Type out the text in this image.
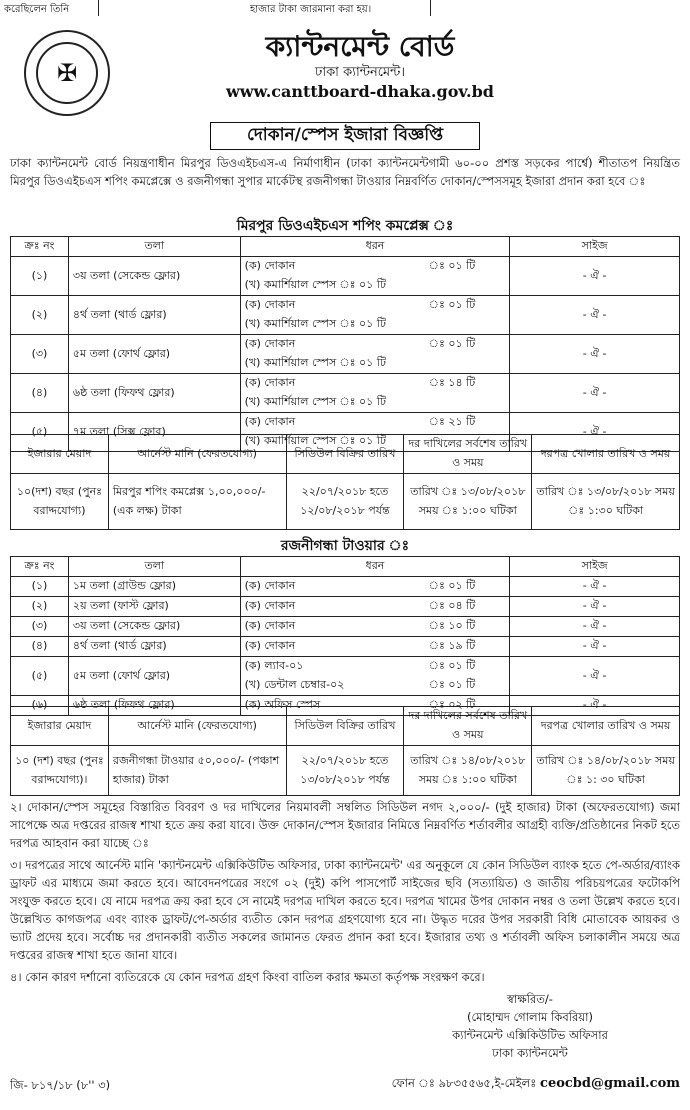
করেছিলেন তিনি	হাজার টাকা জারমানা করা হয়।
✠
ক্যান্টনমেন্ট বোর্ড
ঢাকা ক্যান্টনমেন্ট।
www.canttboard-dhaka.gov.bd
দোকান/স্পেস ইজারা বিজ্ঞপ্তি
ঢাকা ক্যান্টনমেন্ট বোর্ড নিয়ন্ত্রণাধীন মিরপুর ডিওএইচএস-এ নির্মাণাধীন (ঢাকা ক্যান্টনমেন্টগামী ৬০-০০ প্রশস্ত সড়কের পার্শ্বে) শীতাতপ নিয়ন্ত্রিত মিরপুর ডিওএইচএস শপিং কমপ্লেক্সে ও রজনীগন্ধা সুপার মার্কেটস্থ রজনীগন্ধা টাওয়ার নিম্নবর্ণিত দোকান/স্পেসসমূহ ইজারা প্রদান করা হবে ঃ
মিরপুর ডিওএইচএস শপিং কমপ্লেক্স ঃ
ক্রঃ নং	তলা	ধরন	সাইজ
(১)	৩য় তলা (সেকেন্ড ফ্লোর)	(ক) দোকান ঃ ০১ টি
(খ) কমার্শিয়াল স্পেস ঃ ০১ টি	- ঐ -
(২)	৪র্থ তলা (থার্ড ফ্লোর)	(ক) দোকান ঃ ০১ টি
(খ) কমার্শিয়াল স্পেস ঃ ০১ টি	- ঐ -
(৩)	৫ম তলা (ফোর্থ ফ্লোর)	(ক) দোকান ঃ ০১ টি
(খ) কমার্শিয়াল স্পেস ঃ ০১ টি	- ঐ -
(৪)	৬ষ্ঠ তলা (ফিফথ ফ্লোর)	(ক) দোকান ঃ ১৪ টি
(খ) কমার্শিয়াল স্পেস ঃ ০১ টি	- ঐ -
(৫)	৭ম তলা (সিক্স ফ্লোর)	(ক) দোকান ঃ ২১ টি
(খ) কমার্শিয়াল স্পেস ঃ ০১ টি	- ঐ -
ইজারার মেয়াদ	আর্নেস্ট মানি (ফেরতযোগ্য)	সিডিউল বিক্রির তারিখ	দর দাখিলের সর্বশেষ তারিখ ও সময়	দরপত্র খোলার তারিখ ও সময়
১০(দশ) বছর (পুনঃ বরাদ্দযোগ্য)	মিরপুর শপিং কমপ্লেক্স ১,০০,০০০/- (এক লক্ষ) টাকা	২২/০৭/২০১৮ হতে ১২/০৮/২০১৮ পর্যন্ত	তারিখ ঃ ১৩/০৮/২০১৮ সময় ঃ ১:০০ ঘটিকা	তারিখ ঃ ১৩/০৮/২০১৮ সময় ঃ ১:৩০ ঘটিকা
রজনীগন্ধা টাওয়ার ঃ
ক্রঃ নং	তলা	ধরন	সাইজ
(১)	১ম তলা (গ্রাউন্ড ফ্লোর)	(ক) দোকান ঃ ০১ টি	- ঐ -
(২)	২য় তলা (ফাস্ট ফ্লোর)	(ক) দোকান ঃ ০৪ টি	- ঐ -
(৩)	৩য় তলা (সেকেন্ড ফ্লোর)	(ক) দোকান ঃ ১০ টি	- ঐ -
(৪)	৪র্থ তলা (থার্ড ফ্লোর)	(ক) দোকান ঃ ১৯ টি	- ঐ -
(৫)	৫ম তলা (ফোর্থ ফ্লোর)	(ক) ল্যাব-০১ ঃ ০১ টি
(খ) ডেন্টাল চেম্বার-০২ ঃ ০১ টি	- ঐ -
(৬)	৬ষ্ঠ তলা (ফিফথ ফ্লোর)	(ক) অফিস স্পেস ঃ ০২ টি	- ঐ -
ইজারার মেয়াদ	আর্নেস্ট মানি (ফেরতযোগ্য)	সিডিউল বিক্রির তারিখ	দর দাখিলের সর্বশেষ তারিখ ও সময়	দরপত্র খোলার তারিখ ও সময়
১০ (দশ) বছর (পুনঃ বরাদ্দযোগ্য)।	রজনীগন্ধা টাওয়ার ৫০,০০০/- (পঞ্চাশ হাজার) টাকা	২২/০৭/২০১৮ হতে ১৩/০৮/২০১৮ পর্যন্ত	তারিখ ঃ ১৪/০৮/২০১৮ সময় ঃ ১:০০ ঘটিকা	তারিখ ঃ ১৪/০৮/২০১৮ সময় ঃ ১: ৩০ ঘটিকা
২। দোকান/স্পেস সমূহের বিস্তারিত বিবরণ ও দর দাখিলের নিয়মাবলী সম্বলিত সিডিউল নগদ ২,০০০/- (দুই হাজার) টাকা (অফেরতযোগ্য) জমা সাপেক্ষে অত্র দপ্তরের রাজস্ব শাখা হতে ক্রয় করা যাবে। উক্ত দোকান/স্পেস ইজারার নিমিত্তে নিম্নবর্ণিত শর্তাবলীর আগ্রহী ব্যক্তি/প্রতিষ্ঠানের নিকট হতে দরপত্র আহবান করা যাচ্ছে ঃ
৩। দরপত্রের সাথে আর্নেস্ট মানি 'ক্যান্টনমেন্ট এক্সিকিউটিভ অফিসার, ঢাকা ক্যান্টনমেন্ট' এর অনুকূলে যে কোন সিডিউল ব্যাংক হতে পে-অর্ডার/ব্যাংক ড্রাফট এর মাধ্যমে জমা করতে হবে। আবেদনপত্রের সংগে ০২ (দুই) কপি পাসপোর্ট সাইজের ছবি (সত্যায়িত) ও জাতীয় পরিচয়পত্রের ফটোকপি সংযুক্ত করতে হবে। যে নামে দরপত্র ক্রয় করা হবে সে নামেই দরপত্র দাখিল করতে হবে। দরপত্র খামের উপর দোকান নম্বর ও তলা উল্লেখ করতে হবে। উল্লেখিত কাগজপত্র এবং ব্যাংক ড্রাফট/পে-অর্ডার ব্যতীত কোন দরপত্র গ্রহণযোগ্য হবে না। উদ্ধৃত দরের উপর সরকারী বিধি মোতাবেক আয়কর ও ভ্যাট প্রদেয় হবে। সর্বোচ্চ দর প্রদানকারী ব্যতীত সকলের জামানত ফেরত প্রদান করা হবে। ইজারার তথ্য ও শর্তাবলী অফিস চলাকালীন সময়ে অত্র দপ্তরের রাজস্ব শাখা হতে জানা যাবে।
৪। কোন কারণ দর্শানো ব্যতিরেকে যে কোন দরপত্র গ্রহণ কিংবা বাতিল করার ক্ষমতা কর্তৃপক্ষ সংরক্ষণ করে।
স্বাক্ষরিত/-
(মোহাম্মদ গোলাম কিবরিয়া)
ক্যান্টনমেন্ট এক্সিকিউটিভ অফিসার
ঢাকা ক্যান্টনমেন্ট
জি- ৮১৭/১৮ (৮'' ৩)	ফোন ঃ ৯৮৩৫৫৬৫,ই-মেইলঃ ceocbd@gmail.com
